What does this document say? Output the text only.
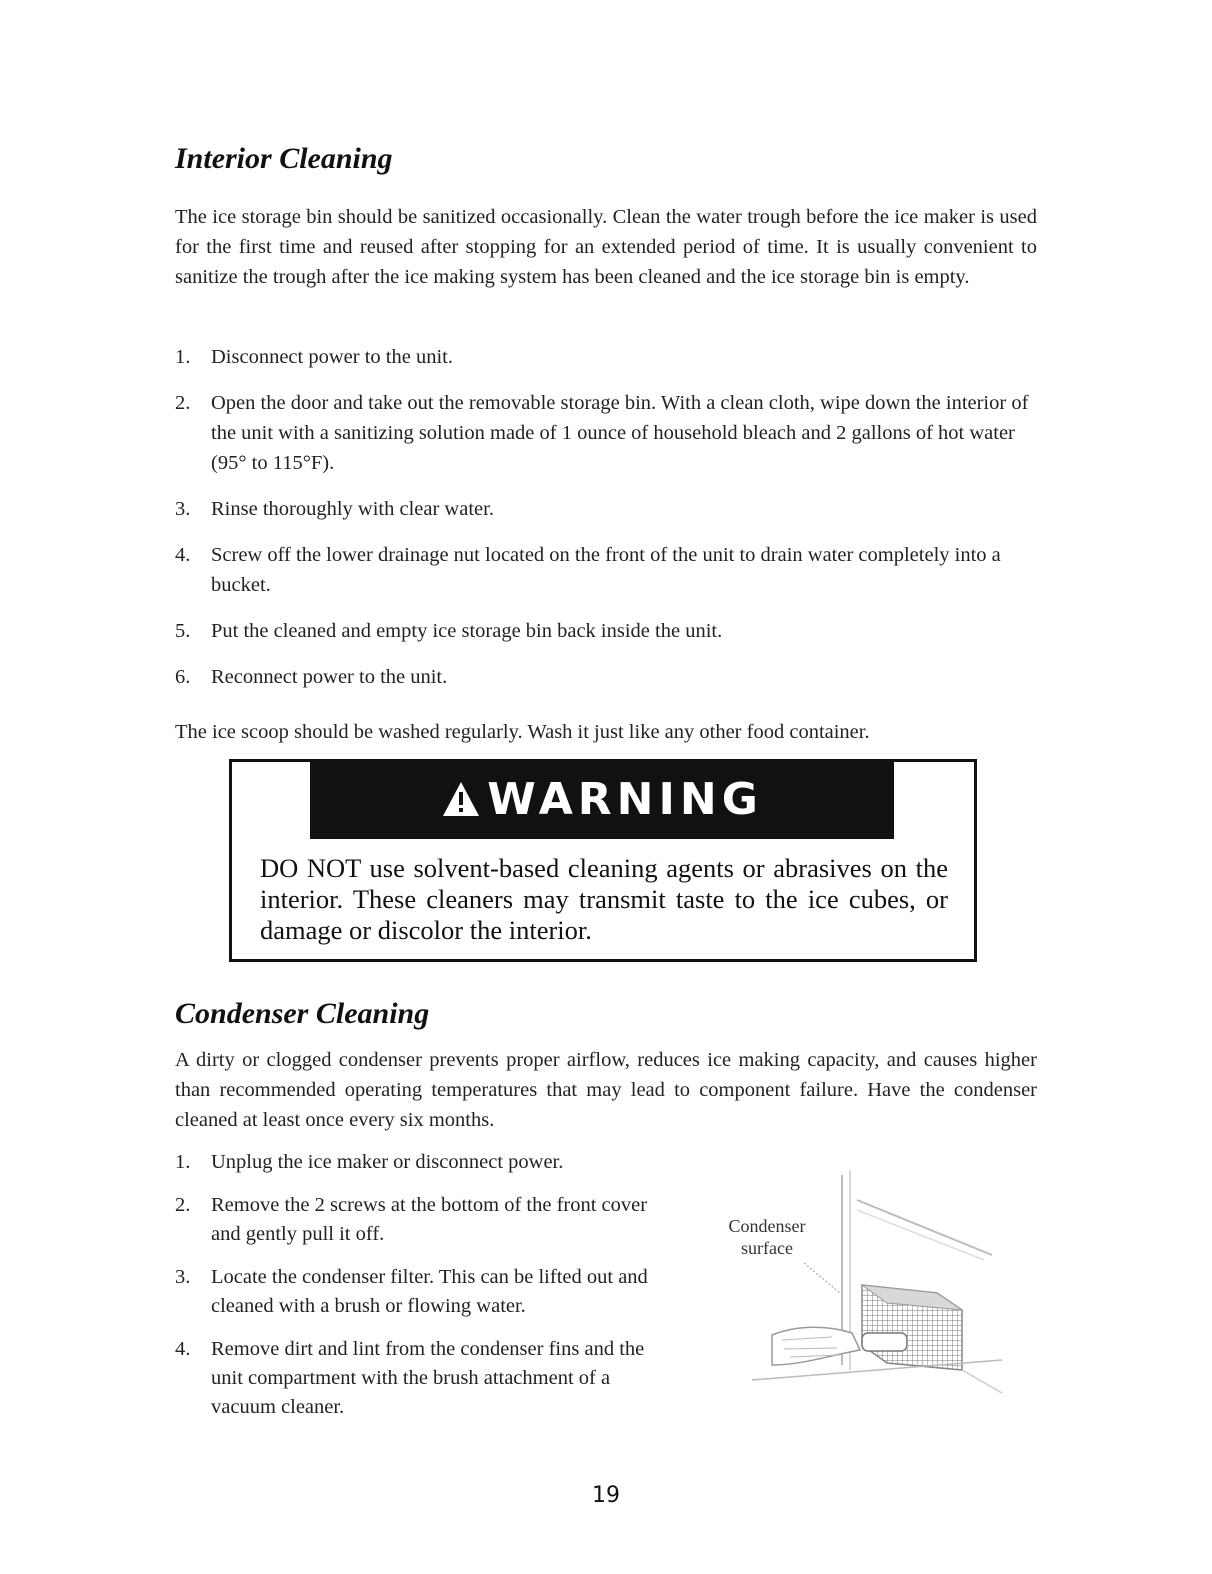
Interior Cleaning

The ice storage bin should be sanitized occasionally. Clean the water trough before the ice maker is used for the first time and reused after stopping for an extended period of time. It is usually convenient to sanitize the trough after the ice making system has been cleaned and the ice storage bin is empty.

1. Disconnect power to the unit.
2. Open the door and take out the removable storage bin. With a clean cloth, wipe down the interior of the unit with a sanitizing solution made of 1 ounce of household bleach and 2 gallons of hot water (95° to 115°F).
3. Rinse thoroughly with clear water.
4. Screw off the lower drainage nut located on the front of the unit to drain water completely into a bucket.
5. Put the cleaned and empty ice storage bin back inside the unit.
6. Reconnect power to the unit.

The ice scoop should be washed regularly. Wash it just like any other food container.

WARNING

DO NOT use solvent-based cleaning agents or abrasives on the interior. These cleaners may transmit taste to the ice cubes, or damage or discolor the interior.

Condenser Cleaning

A dirty or clogged condenser prevents proper airflow, reduces ice making capacity, and causes higher than recommended operating temperatures that may lead to component failure. Have the condenser cleaned at least once every six months.

1. Unplug the ice maker or disconnect power.
2. Remove the 2 screws at the bottom of the front cover and gently pull it off.
3. Locate the condenser filter. This can be lifted out and cleaned with a brush or flowing water.
4. Remove dirt and lint from the condenser fins and the unit compartment with the brush attachment of a vacuum cleaner.
Condenser
surface
19
